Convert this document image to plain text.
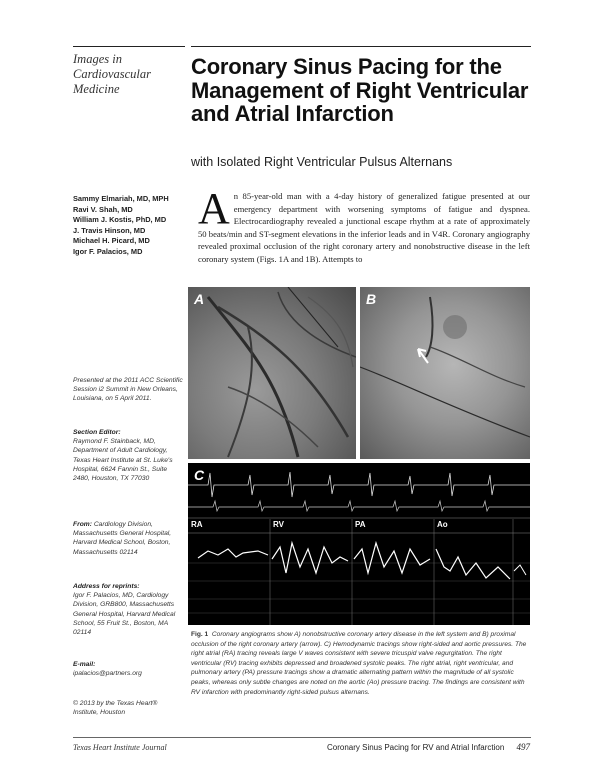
Images in Cardiovascular Medicine
Coronary Sinus Pacing for the Management of Right Ventricular and Atrial Infarction
with Isolated Right Ventricular Pulsus Alternans
Sammy Elmariah, MD, MPH
Ravi V. Shah, MD
William J. Kostis, PhD, MD
J. Travis Hinson, MD
Michael H. Picard, MD
Igor F. Palacios, MD
An 85-year-old man with a 4-day history of generalized fatigue presented at our emergency department with worsening symptoms of fatigue and dyspnea. Electrocardiography revealed a junctional escape rhythm at a rate of approximately 50 beats/min and ST-segment elevations in the inferior leads and in V4R. Coronary angiography revealed proximal occlusion of the right coronary artery and nonobstructive disease in the left coronary system (Figs. 1A and 1B). Attempts to
Presented at the 2011 ACC Scientific Session i2 Summit in New Orleans, Louisiana, on 5 April 2011.
Section Editor:
Raymond F. Stainback, MD, Department of Adult Cardiology, Texas Heart Institute at St. Luke's Hospital, 6624 Fannin St., Suite 2480, Houston, TX 77030
From: Cardiology Division, Massachusetts General Hospital, Harvard Medical School, Boston, Massachusetts 02114
Address for reprints:
Igor F. Palacios, MD, Cardiology Division, GRB800, Massachusetts General Hospital, Harvard Medical School, 55 Fruit St., Boston, MA 02114
E-mail:
ipalacios@partners.org
© 2013 by the Texas Heart® Institute, Houston
A	B
C
RA	RV	PA	Ao
Fig. 1 Coronary angiograms show A) nonobstructive coronary artery disease in the left system and B) proximal occlusion of the right coronary artery (arrow). C) Hemodynamic tracings show right-sided and aortic pressures. The right atrial (RA) tracing reveals large V waves consistent with severe tricuspid valve regurgitation. The right ventricular (RV) tracing exhibits depressed and broadened systolic peaks. The right atrial, right ventricular, and pulmonary artery (PA) pressure tracings show a dramatic alternating pattern within the magnitude of all systolic peaks, whereas only subtle changes are noted on the aortic (Ao) pressure tracing. The findings are consistent with RV infarction with predominantly right-sided pulsus alternans.
Texas Heart Institute Journal	Coronary Sinus Pacing for RV and Atrial Infarction 497
